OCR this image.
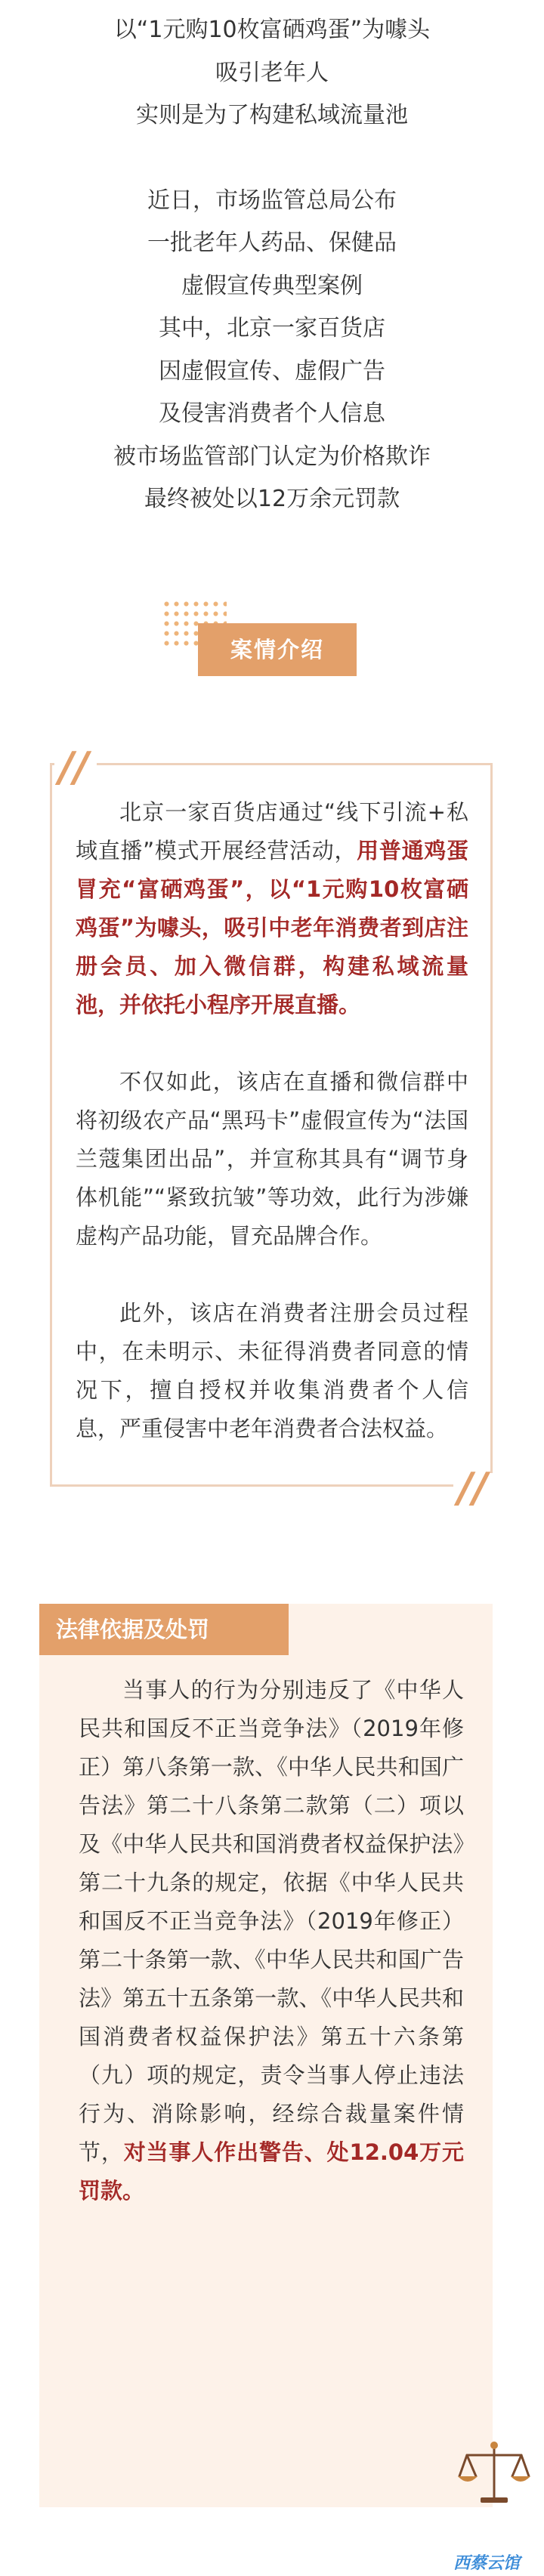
以“1元购10枚富硒鸡蛋”为噱头
吸引老年人
实则是为了构建私域流量池
近日，市场监管总局公布
一批老年人药品、保健品
虚假宣传典型案例
其中，北京一家百货店
因虚假宣传、虚假广告
及侵害消费者个人信息
被市场监管部门认定为价格欺诈
最终被处以12万余元罚款
案情介绍
//
//

北京一家百货店通过“线下引流+私域直播”模式开展经营活动，用普通鸡蛋冒充“富硒鸡蛋”，以“1元购10枚富硒鸡蛋”为噱头，吸引中老年消费者到店注册会员、加入微信群，构建私域流量池，并依托小程序开展直播。

不仅如此，该店在直播和微信群中将初级农产品“黑玛卡”虚假宣传为“法国兰蔻集团出品”，并宣称其具有“调节身体机能”“紧致抗皱”等功效，此行为涉嫌虚构产品功能，冒充品牌合作。

此外，该店在消费者注册会员过程中，在未明示、未征得消费者同意的情况下，擅自授权并收集消费者个人信息，严重侵害中老年消费者合法权益。

法律依据及处罚

当事人的行为分别违反了《中华人民共和国反不正当竞争法》（2019年修正）第八条第一款、《中华人民共和国广告法》第二十八条第二款第（二）项以及《中华人民共和国消费者权益保护法》第二十九条的规定，依据《中华人民共和国反不正当竞争法》（2019年修正）第二十条第一款、《中华人民共和国广告法》第五十五条第一款、《中华人民共和国消费者权益保护法》第五十六条第（九）项的规定，责令当事人停止违法行为、消除影响，经综合裁量案件情节，对当事人作出警告、处12.04万元罚款。

西蔡云馆
